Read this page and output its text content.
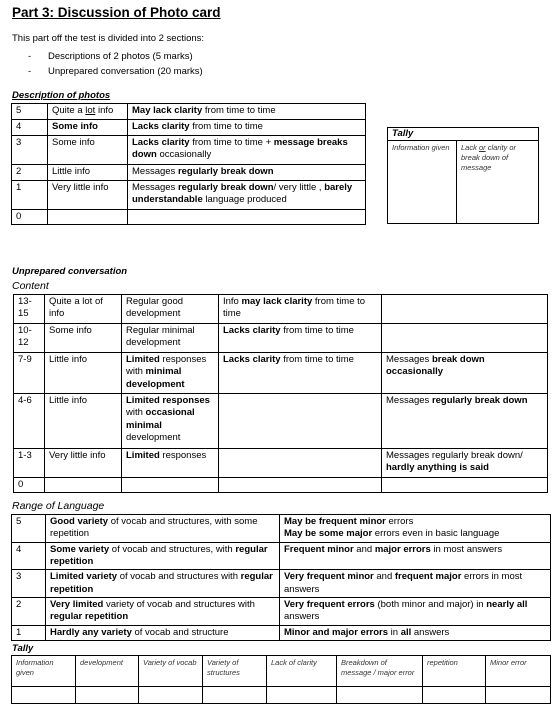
Part 3: Discussion of Photo card
This part off the test is divided into 2 sections:
- Descriptions of 2 photos (5 marks)
- Unprepared conversation (20 marks)
Description of photos
5	Quite a lot info	May lack clarity from time to time
4	Some info	Lacks clarity from time to time
3	Some info	Lacks clarity from time to time + message breaks down occasionally
2	Little info	Messages regularly break down
1	Very little info	Messages regularly break down/ very little , barely understandable language produced
0		
Tally
Information given	Lack or clarity or break down of message
Unprepared conversation
Content
13-15	Quite a lot of info	Regular good development	Info may lack clarity from time to time	
10-12	Some info	Regular minimal development	Lacks clarity from time to time	
7-9	Little info	Limited responses with minimal development	Lacks clarity from time to time	Messages break down occasionally
4-6	Little info	Limited responses with occasional minimal development		Messages regularly break down
1-3	Very little info	Limited responses		Messages regularly break down/ hardly anything is said
0				
Range of Language
5	Good variety of vocab and structures, with some repetition	May be frequent minor errors
May be some major errors even in basic language
4	Some variety of vocab and structures, with regular repetition	Frequent minor and major errors in most answers
3	Limited variety of vocab and structures with regular repetition	Very frequent minor and frequent major errors in most answers
2	Very limited variety of vocab and structures with regular repetition	Very frequent errors (both minor and major) in nearly all answers
1	Hardly any variety of vocab and structure	Minor and major errors in all answers
Tally
Information given	development	Variety of vocab	Variety of structures	Lack of clarity	Breakdown of message / major error	repetition	Minor error
